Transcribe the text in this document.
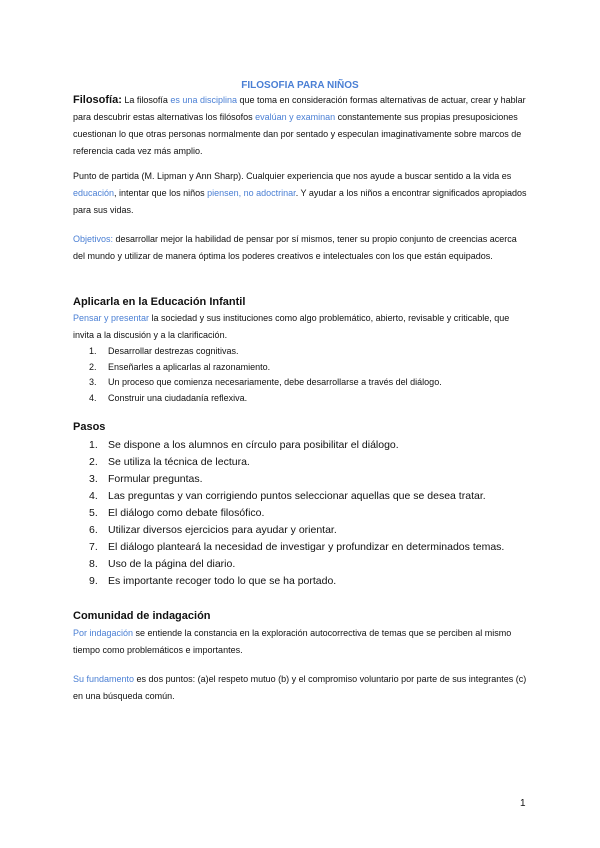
FILOSOFIA PARA NIÑOS

Filosofía: La filosofía es una disciplina que toma en consideración formas alternativas de actuar, crear y hablar para descubrir estas alternativas los filósofos evalúan y examinan constantemente sus propias presuposiciones cuestionan lo que otras personas normalmente dan por sentado y especulan imaginativamente sobre marcos de referencia cada vez más amplio.

Punto de partida (M. Lipman y Ann Sharp). Cualquier experiencia que nos ayude a buscar sentido a la vida es educación, intentar que los niños piensen, no adoctrinar. Y ayudar a los niños a encontrar significados apropiados para sus vidas.

Objetivos: desarrollar mejor la habilidad de pensar por sí mismos, tener su propio conjunto de creencias acerca del mundo y utilizar de manera óptima los poderes creativos e intelectuales con los que están equipados.

Aplicarla en la Educación Infantil

Pensar y presentar la sociedad y sus instituciones como algo problemático, abierto, revisable y criticable, que invita a la discusión y a la clarificación.

1. Desarrollar destrezas cognitivas.
2. Enseñarles a aplicarlas al razonamiento.
3. Un proceso que comienza necesariamente, debe desarrollarse a través del diálogo.
4. Construir una ciudadanía reflexiva.
Pasos
1. Se dispone a los alumnos en círculo para posibilitar el diálogo.
2. Se utiliza la técnica de lectura.
3. Formular preguntas.
4. Las preguntas y van corrigiendo puntos seleccionar aquellas que se desea tratar.
5. El diálogo como debate filosófico.
6. Utilizar diversos ejercicios para ayudar y orientar.
7. El diálogo planteará la necesidad de investigar y profundizar en determinados temas.
8. Uso de la página del diario.
9. Es importante recoger todo lo que se ha portado.
Comunidad de indagación

Por indagación se entiende la constancia en la exploración autocorrectiva de temas que se perciben al mismo tiempo como problemáticos e importantes.

Su fundamento es dos puntos: (a)el respeto mutuo (b) y el compromiso voluntario por parte de sus integrantes (c) en una búsqueda común.

1
